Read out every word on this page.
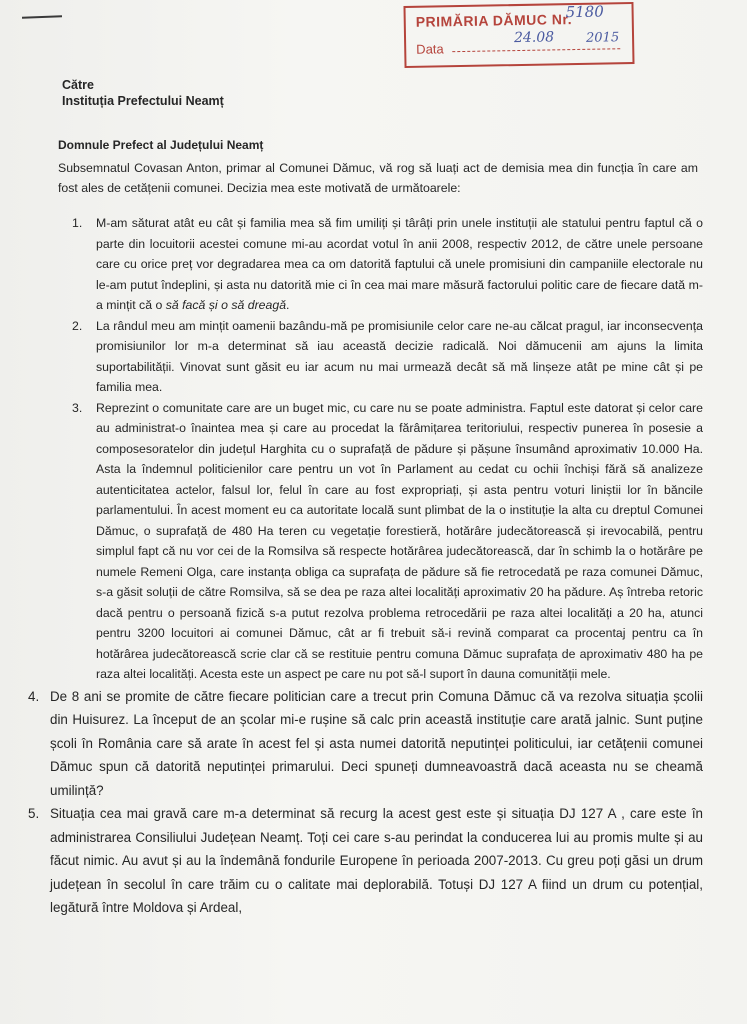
PRIMĂRIA DĂMUC Nr.
5180
Data
24.08 2015
Către
Instituția Prefectului Neamț
Domnule Prefect al Județului Neamț
Subsemnatul Covasan Anton, primar al Comunei Dămuc, vă rog să luați act de demisia mea din funcția în care am fost ales de cetățenii comunei. Decizia mea este motivată de următoarele:
1. M-am săturat atât eu cât și familia mea să fim umiliți și târâți prin unele instituții ale statului pentru faptul că o parte din locuitorii acestei comune mi-au acordat votul în anii 2008, respectiv 2012, de către unele persoane care cu orice preț vor degradarea mea ca om datorită faptului că unele promisiuni din campaniile electorale nu le-am putut îndeplini, și asta nu datorită mie ci în cea mai mare măsură factorului politic care de fiecare dată m-a mințit că o să facă și o să dreagă.
2. La rândul meu am mințit oamenii bazându-mă pe promisiunile celor care ne-au călcat pragul, iar inconsecvența promisiunilor lor m-a determinat să iau această decizie radicală. Noi dămucenii am ajuns la limita suportabilității. Vinovat sunt găsit eu iar acum nu mai urmează decât să mă linșeze atât pe mine cât și pe familia mea.
3. Reprezint o comunitate care are un buget mic, cu care nu se poate administra. Faptul este datorat și celor care au administrat-o înaintea mea și care au procedat la fărâmițarea teritoriului, respectiv punerea în posesie a composesoratelor din județul Harghita cu o suprafață de pădure și pășune însumând aproximativ 10.000 Ha. Asta la îndemnul politicienilor care pentru un vot în Parlament au cedat cu ochii închiși fără să analizeze autenticitatea actelor, falsul lor, felul în care au fost expropriați, și asta pentru voturi liniștii lor în băncile parlamentului. În acest moment eu ca autoritate locală sunt plimbat de la o instituție la alta cu dreptul Comunei Dămuc, o suprafață de 480 Ha teren cu vegetație forestieră, hotărâre judecătorească și irevocabilă, pentru simplul fapt că nu vor cei de la Romsilva să respecte hotărârea judecătorească, dar în schimb la o hotărâre pe numele Remeni Olga, care instanța obliga ca suprafața de pădure să fie retrocedată pe raza comunei Dămuc, s-a găsit soluții de către Romsilva, să se dea pe raza altei localități aproximativ 20 ha pădure. Aș întreba retoric dacă pentru o persoană fizică s-a putut rezolva problema retrocedării pe raza altei localități a 20 ha, atunci pentru 3200 locuitori ai comunei Dămuc, cât ar fi trebuit să-i revină comparat ca procentaj pentru ca în hotărârea judecătorească scrie clar că se restituie pentru comuna Dămuc suprafața de aproximativ 480 ha pe raza altei localități. Acesta este un aspect pe care nu pot să-l suport în dauna comunității mele.
4. De 8 ani se promite de către fiecare politician care a trecut prin Comuna Dămuc că va rezolva situația școlii din Huisurez. La început de an școlar mi-e rușine să calc prin această instituție care arată jalnic. Sunt puține școli în România care să arate în acest fel și asta numei datorită neputinței politicului, iar cetățenii comunei Dămuc spun că datorită neputinței primarului. Deci spuneți dumneavoastră dacă aceasta nu se cheamă umilință?
5. Situația cea mai gravă care m-a determinat să recurg la acest gest este și situația DJ 127 A , care este în administrarea Consiliului Județean Neamț. Toți cei care s-au perindat la conducerea lui au promis multe și au făcut nimic. Au avut și au la îndemână fondurile Europene în perioada 2007-2013. Cu greu poți găsi un drum județean în secolul în care trăim cu o calitate mai deplorabilă. Totuși DJ 127 A fiind un drum cu potențial, legătură între Moldova și Ardeal,
